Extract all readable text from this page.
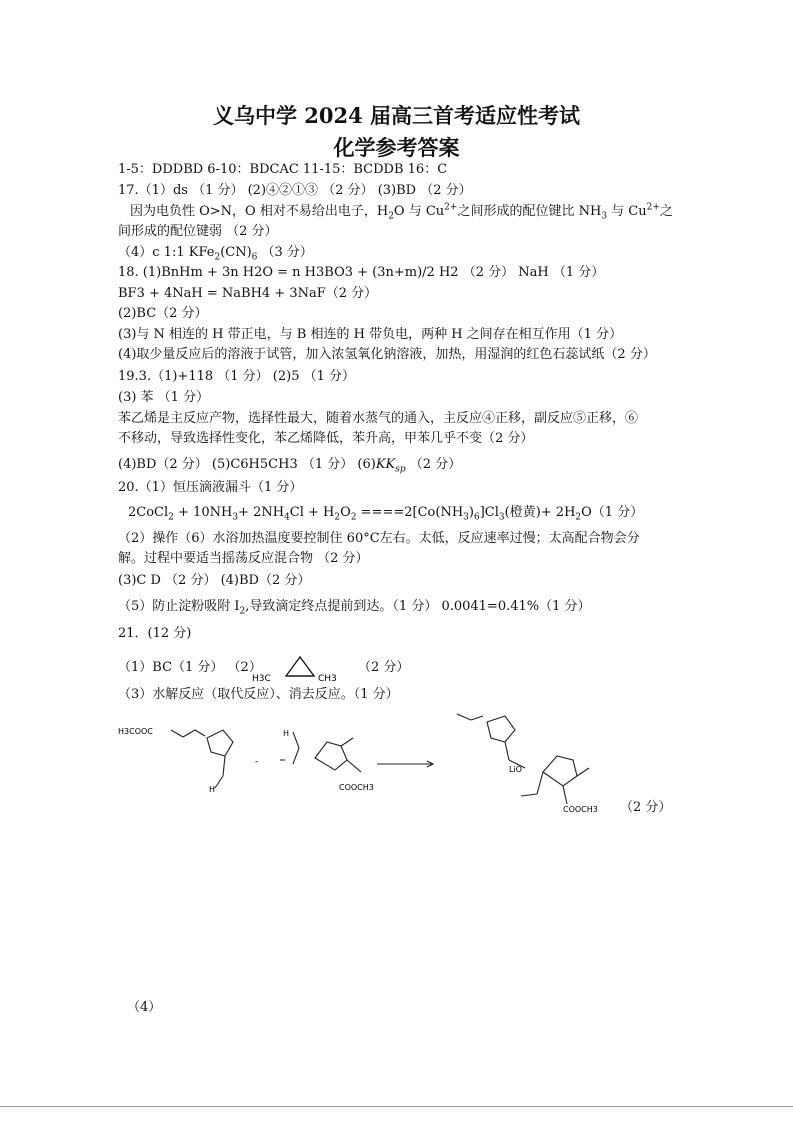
义乌中学 2024 届高三首考适应性考试
化学参考答案
1-5：DDDBD 6-10：BDCAC 11-15：BCDDB 16：C
17.（1）ds （1 分） (2)④②①③ （2 分） (3)BD （2 分）
因为电负性 O>N，O 相对不易给出电子，$H_2O$ 与 $Cu^{2+}$之间形成的配位键比 $NH_3$ 与 $Cu^{2+}$之
间形成的配位键弱 （2 分）
（4）c 1:1 $KFe_2(CN)_6$ （3 分）
18. (1)BnHm + 3n H2O = n H3BO3 + (3n+m)/2 H2 （2 分） NaH （1 分）
BF3 + 4NaH = NaBH4 + 3NaF（2 分）
(2)BC（2 分）
(3)与 N 相连的 H 带正电，与 B 相连的 H 带负电，两种 H 之间存在相互作用（1 分）
(4)取少量反应后的溶液于试管，加入浓氢氧化钠溶液，加热，用湿润的红色石蕊试纸（2 分）
19.3.（1)+118 （1 分） (2)5 （1 分）
(3) 苯 （1 分）
苯乙烯是主反应产物，选择性最大，随着水蒸气的通入，主反应④正移，副反应⑤正移，⑥
不移动，导致选择性变化，苯乙烯降低，苯升高，甲苯几乎不变（2 分）
(4)BD（2 分） (5)C6H5CH3 （1 分） $(6)KK_{sp}$ （2 分）
20.（1）恒压滴液漏斗（1 分）
2CoCl$_2$ + $10NH_3+ 2NH_4Cl + H_2O_2 ====2[Co(NH_3)_6]Cl_3$(橙黄)+ $2H_2O(1$ 分）
（2）操作（6）水浴加热温度要控制住 60°C左右。太低，反应速率过慢；太高配合物会分
解。过程中要适当摇荡反应混合物 （2 分）
(3)C D （2 分） (4)BD（2 分）
（5）防止淀粉吸附 $I_2$,导致滴定终点提前到达。（1 分） 0.0041=0.41%（1 分）
21．(12 分)
（1）BC（1 分） （2）
H3C	CH3
（2 分）
（3）水解反应（取代反应）、消去反应。（1 分）
H3COOC
H
-
H
COOCH3
LiO
COOCH3 （2 分）
（4）
